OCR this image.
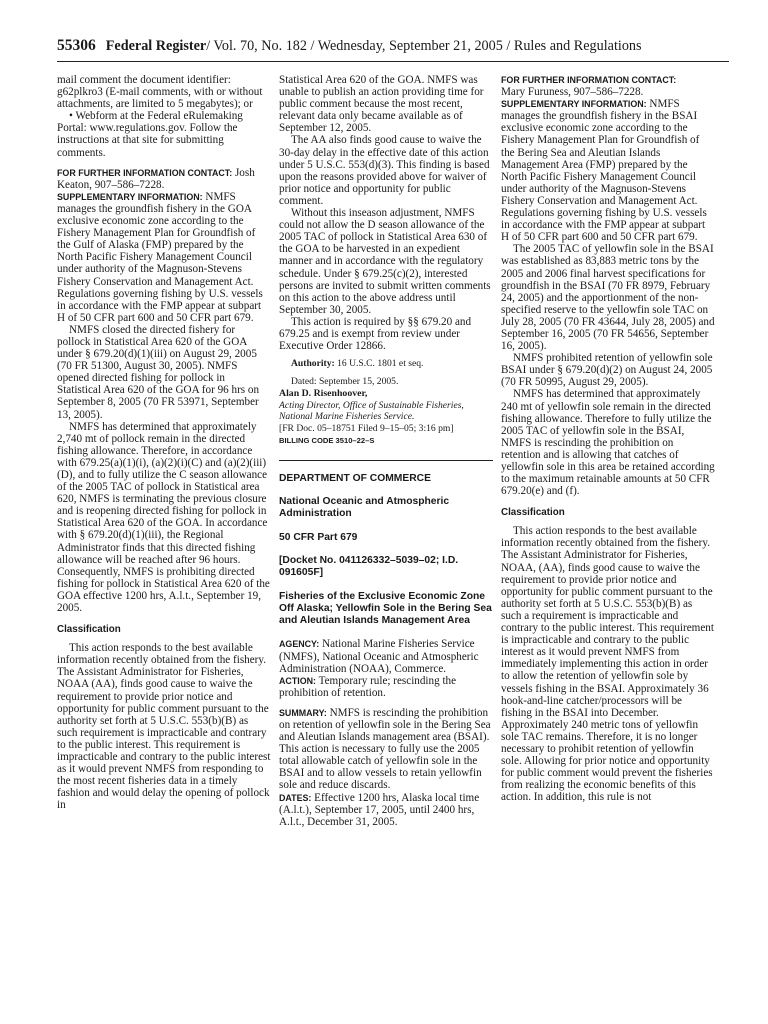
55306 Federal Register/ Vol. 70, No. 182 / Wednesday, September 21, 2005 / Rules and Regulations

mail comment the document identifier: g62plkro3 (E-mail comments, with or without attachments, are limited to 5 megabytes); or

• Webform at the Federal eRulemaking Portal: www.regulations.gov. Follow the instructions at that site for submitting comments.

FOR FURTHER INFORMATION CONTACT: Josh Keaton, 907–586–7228.

SUPPLEMENTARY INFORMATION: NMFS manages the groundfish fishery in the GOA exclusive economic zone according to the Fishery Management Plan for Groundfish of the Gulf of Alaska (FMP) prepared by the North Pacific Fishery Management Council under authority of the Magnuson-Stevens Fishery Conservation and Management Act. Regulations governing fishing by U.S. vessels in accordance with the FMP appear at subpart H of 50 CFR part 600 and 50 CFR part 679.

NMFS closed the directed fishery for pollock in Statistical Area 620 of the GOA under § 679.20(d)(1)(iii) on August 29, 2005 (70 FR 51300, August 30, 2005). NMFS opened directed fishing for pollock in Statistical Area 620 of the GOA for 96 hrs on September 8, 2005 (70 FR 53971, September 13, 2005).

NMFS has determined that approximately 2,740 mt of pollock remain in the directed fishing allowance. Therefore, in accordance with 679.25(a)(1)(i), (a)(2)(i)(C) and (a)(2)(iii)(D), and to fully utilize the C season allowance of the 2005 TAC of pollock in Statistical area 620, NMFS is terminating the previous closure and is reopening directed fishing for pollock in Statistical Area 620 of the GOA. In accordance with § 679.20(d)(1)(iii), the Regional Administrator finds that this directed fishing allowance will be reached after 96 hours. Consequently, NMFS is prohibiting directed fishing for pollock in Statistical Area 620 of the GOA effective 1200 hrs, A.l.t., September 19, 2005.

Classification

This action responds to the best available information recently obtained from the fishery. The Assistant Administrator for Fisheries, NOAA (AA), finds good cause to waive the requirement to provide prior notice and opportunity for public comment pursuant to the authority set forth at 5 U.S.C. 553(b)(B) as such requirement is impracticable and contrary to the public interest. This requirement is impracticable and contrary to the public interest as it would prevent NMFS from responding to the most recent fisheries data in a timely fashion and would delay the opening of pollock in

Statistical Area 620 of the GOA. NMFS was unable to publish an action providing time for public comment because the most recent, relevant data only became available as of September 12, 2005.

The AA also finds good cause to waive the 30-day delay in the effective date of this action under 5 U.S.C. 553(d)(3). This finding is based upon the reasons provided above for waiver of prior notice and opportunity for public comment.

Without this inseason adjustment, NMFS could not allow the D season allowance of the 2005 TAC of pollock in Statistical Area 630 of the GOA to be harvested in an expedient manner and in accordance with the regulatory schedule. Under § 679.25(c)(2), interested persons are invited to submit written comments on this action to the above address until September 30, 2005.

This action is required by §§ 679.20 and 679.25 and is exempt from review under Executive Order 12866.

Authority: 16 U.S.C. 1801 et seq.

Dated: September 15, 2005.

Alan D. Risenhoover,

Acting Director, Office of Sustainable Fisheries, National Marine Fisheries Service.

[FR Doc. 05–18751 Filed 9–15–05; 3:16 pm]

BILLING CODE 3510–22–S

DEPARTMENT OF COMMERCE
National Oceanic and Atmospheric Administration
50 CFR Part 679
[Docket No. 041126332–5039–02; I.D. 091605F]
Fisheries of the Exclusive Economic Zone Off Alaska; Yellowfin Sole in the Bering Sea and Aleutian Islands Management Area

AGENCY: National Marine Fisheries Service (NMFS), National Oceanic and Atmospheric Administration (NOAA), Commerce.

ACTION: Temporary rule; rescinding the prohibition of retention.

SUMMARY: NMFS is rescinding the prohibition on retention of yellowfin sole in the Bering Sea and Aleutian Islands management area (BSAI). This action is necessary to fully use the 2005 total allowable catch of yellowfin sole in the BSAI and to allow vessels to retain yellowfin sole and reduce discards.

DATES: Effective 1200 hrs, Alaska local time (A.l.t.), September 17, 2005, until 2400 hrs, A.l.t., December 31, 2005.

FOR FURTHER INFORMATION CONTACT:

Mary Furuness, 907–586–7228.

SUPPLEMENTARY INFORMATION: NMFS manages the groundfish fishery in the BSAI exclusive economic zone according to the Fishery Management Plan for Groundfish of the Bering Sea and Aleutian Islands Management Area (FMP) prepared by the North Pacific Fishery Management Council under authority of the Magnuson-Stevens Fishery Conservation and Management Act. Regulations governing fishing by U.S. vessels in accordance with the FMP appear at subpart H of 50 CFR part 600 and 50 CFR part 679.

The 2005 TAC of yellowfin sole in the BSAI was established as 83,883 metric tons by the 2005 and 2006 final harvest specifications for groundfish in the BSAI (70 FR 8979, February 24, 2005) and the apportionment of the non-specified reserve to the yellowfin sole TAC on July 28, 2005 (70 FR 43644, July 28, 2005) and September 16, 2005 (70 FR 54656, September 16, 2005).

NMFS prohibited retention of yellowfin sole BSAI under § 679.20(d)(2) on August 24, 2005 (70 FR 50995, August 29, 2005).

NMFS has determined that approximately 240 mt of yellowfin sole remain in the directed fishing allowance. Therefore to fully utilize the 2005 TAC of yellowfin sole in the BSAI, NMFS is rescinding the prohibition on retention and is allowing that catches of yellowfin sole in this area be retained according to the maximum retainable amounts at 50 CFR 679.20(e) and (f).

Classification

This action responds to the best available information recently obtained from the fishery. The Assistant Administrator for Fisheries, NOAA, (AA), finds good cause to waive the requirement to provide prior notice and opportunity for public comment pursuant to the authority set forth at 5 U.S.C. 553(b)(B) as such a requirement is impracticable and contrary to the public interest. This requirement is impracticable and contrary to the public interest as it would prevent NMFS from immediately implementing this action in order to allow the retention of yellowfin sole by vessels fishing in the BSAI. Approximately 36 hook-and-line catcher/processors will be fishing in the BSAI into December. Approximately 240 metric tons of yellowfin sole TAC remains. Therefore, it is no longer necessary to prohibit retention of yellowfin sole. Allowing for prior notice and opportunity for public comment would prevent the fisheries from realizing the economic benefits of this action. In addition, this rule is not
